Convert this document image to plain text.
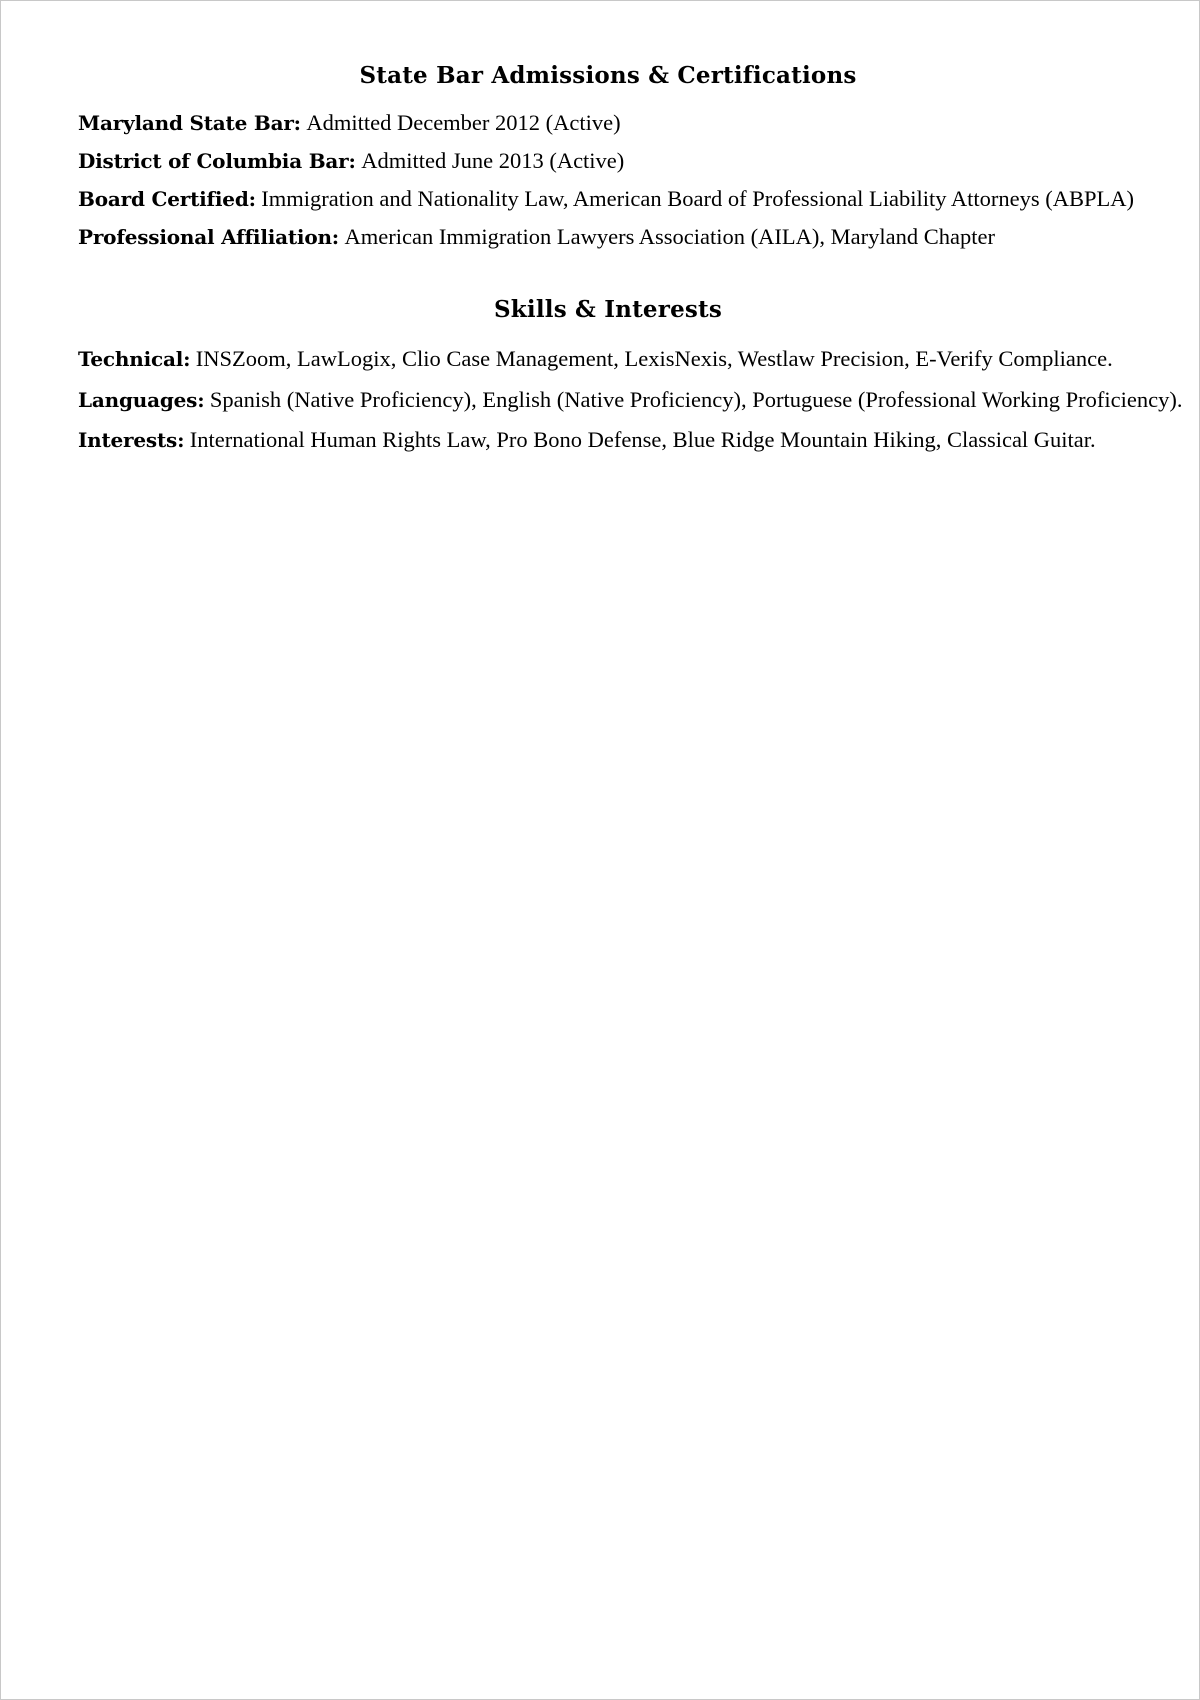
State Bar Admissions & Certifications

Maryland State Bar: Admitted December 2012 (Active)

District of Columbia Bar: Admitted June 2013 (Active)

Board Certified: Immigration and Nationality Law, American Board of Professional Liability Attorneys (ABPLA)

Professional Affiliation: American Immigration Lawyers Association (AILA), Maryland Chapter

Skills & Interests

Technical: INSZoom, LawLogix, Clio Case Management, LexisNexis, Westlaw Precision, E-Verify Compliance.

Languages: Spanish (Native Proficiency), English (Native Proficiency), Portuguese (Professional Working Proficiency).

Interests: International Human Rights Law, Pro Bono Defense, Blue Ridge Mountain Hiking, Classical Guitar.
